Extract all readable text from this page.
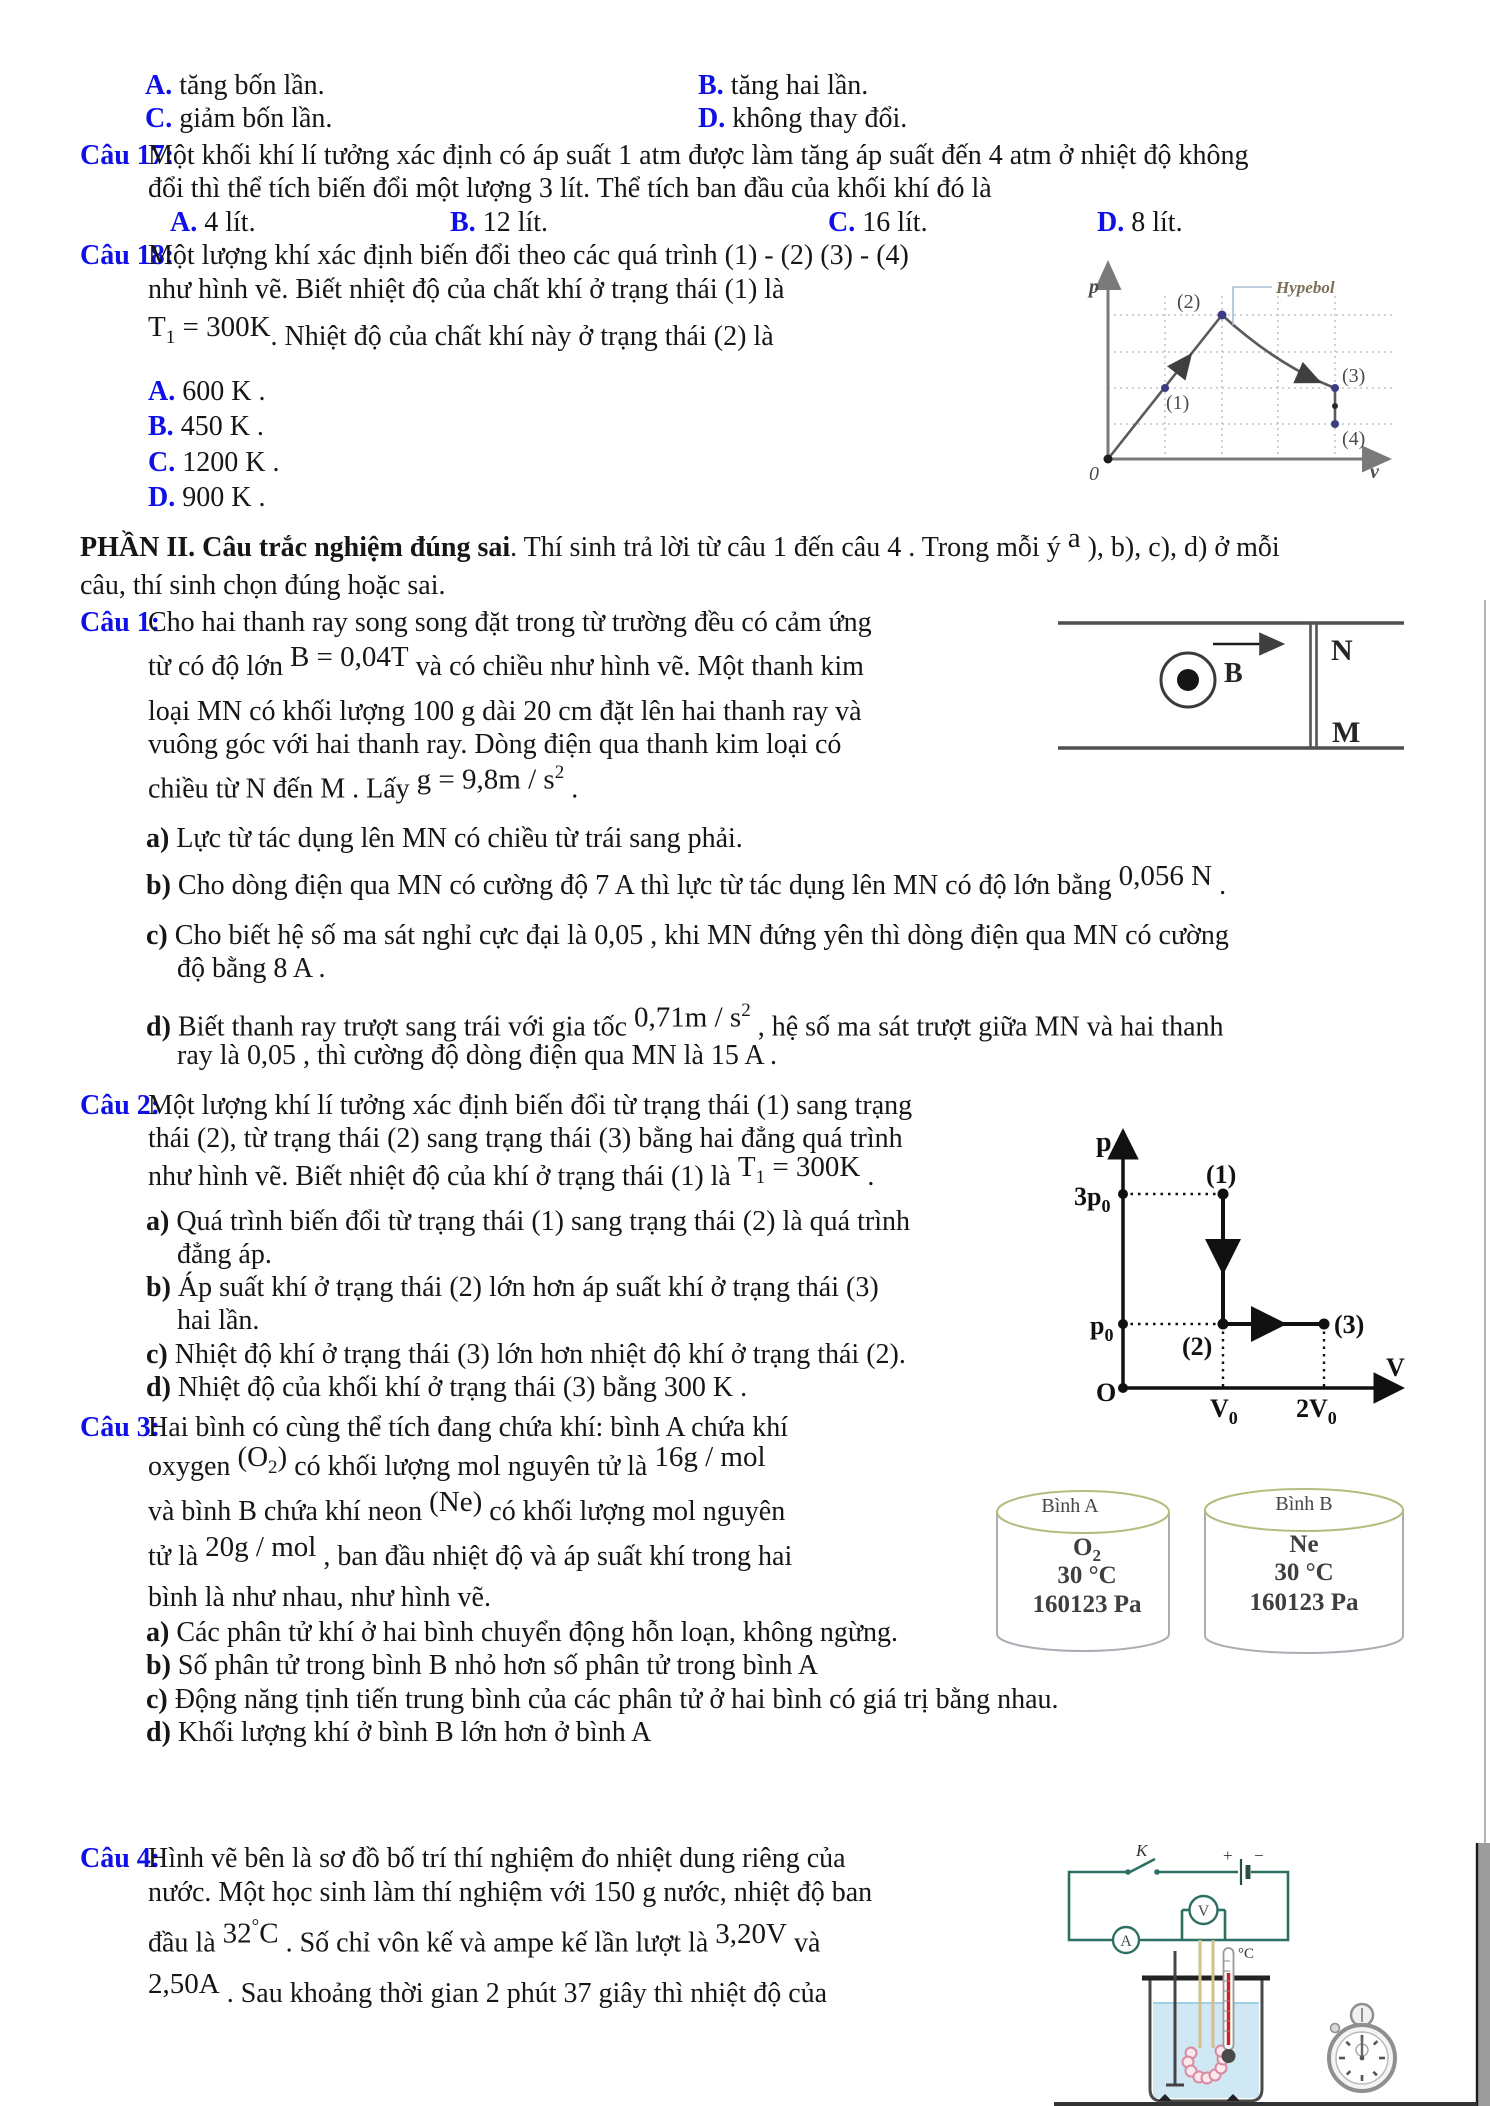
A. tăng bốn lần.	B. tăng hai lần.
C. giảm bốn lần.	D. không thay đổi.
Câu 17:
Một khối khí lí tưởng xác định có áp suất 1 atm được làm tăng áp suất đến 4 atm ở nhiệt độ không
đổi thì thể tích biến đổi một lượng 3 lít. Thể tích ban đầu của khối khí đó là
A. 4 lít.	B. 12 lít.	C. 16 lít.	D. 8 lít.
Câu 18:
Một lượng khí xác định biến đổi theo các quá trình (1) - (2) (3) - (4)
như hình vẽ. Biết nhiệt độ của chất khí ở trạng thái (1) là
$T_1 = 300K$. Nhiệt độ của chất khí này ở trạng thái (2) là
A. 600 K .
B. 450 K .
C. 1200 K .
D. 900 K .
p
0	v
(1)
(2)
(3)
(4)
Hypebol
PHẦN II. Câu trắc nghiệm đúng sai. Thí sinh trả lời từ câu 1 đến câu 4 . Trong mỗi ý a ), b), c), d) ở mỗi
câu, thí sinh chọn đúng hoặc sai.
Câu 1:
Cho hai thanh ray song song đặt trong từ trường đều có cảm ứng
từ có độ lớn B = 0,04T và có chiều như hình vẽ. Một thanh kim
loại MN có khối lượng 100 g dài 20 cm đặt lên hai thanh ray và
vuông góc với hai thanh ray. Dòng điện qua thanh kim loại có
chiều từ N đến M . Lấy $g = 9,8m / s^2$ .
a) Lực từ tác dụng lên MN có chiều từ trái sang phải.
b) Cho dòng điện qua MN có cường độ 7 A thì lực từ tác dụng lên MN có độ lớn bằng 0,056 N .
c) Cho biết hệ số ma sát nghỉ cực đại là 0,05 , khi MN đứng yên thì dòng điện qua MN có cường
độ bằng 8 A .
d) Biết thanh ray trượt sang trái với gia tốc $0,71m / s^2$ , hệ số ma sát trượt giữa MN và hai thanh
ray là 0,05 , thì cường độ dòng điện qua MN là 15 A .
N
M
B
Câu 2:
Một lượng khí lí tưởng xác định biến đổi từ trạng thái (1) sang trạng
thái (2), từ trạng thái (2) sang trạng thái (3) bằng hai đẳng quá trình
như hình vẽ. Biết nhiệt độ của khí ở trạng thái (1) là $T_1 = 300K$ .
a) Quá trình biến đổi từ trạng thái (1) sang trạng thái (2) là quá trình
đẳng áp.
b) Áp suất khí ở trạng thái (2) lớn hơn áp suất khí ở trạng thái (3)
hai lần.
c) Nhiệt độ khí ở trạng thái (3) lớn hơn nhiệt độ khí ở trạng thái (2).
d) Nhiệt độ của khối khí ở trạng thái (3) bằng 300 K .
p
V
O
$3p_0$
$p_0$
(1)
(2)
(3)
$V_0$ $2V_0$
Câu 3:
Hai bình có cùng thể tích đang chứa khí: bình A chứa khí
oxygen $(O_2)$ có khối lượng mol nguyên tử là 16g / mol
và bình B chứa khí neon (Ne) có khối lượng mol nguyên
tử là 20g / mol , ban đầu nhiệt độ và áp suất khí trong hai
bình là như nhau, như hình vẽ.
a) Các phân tử khí ở hai bình chuyển động hỗn loạn, không ngừng.
b) Số phân tử trong bình B nhỏ hơn số phân tử trong bình A
c) Động năng tịnh tiến trung bình của các phân tử ở hai bình có giá trị bằng nhau.
d) Khối lượng khí ở bình B lớn hơn ở bình A
Bình A
$O_2$
30 °C
160123 Pa
Bình B
Ne
30 °C
160123 Pa
Câu 4:
Hình vẽ bên là sơ đồ bố trí thí nghiệm đo nhiệt dung riêng của
nước. Một học sinh làm thí nghiệm với 150 g nước, nhiệt độ ban
đầu là 32°C . Số chỉ vôn kế và ampe kế lần lượt là 3,20V và
2,50A . Sau khoảng thời gian 2 phút 37 giây thì nhiệt độ của
K	+ −
V
A
°C
